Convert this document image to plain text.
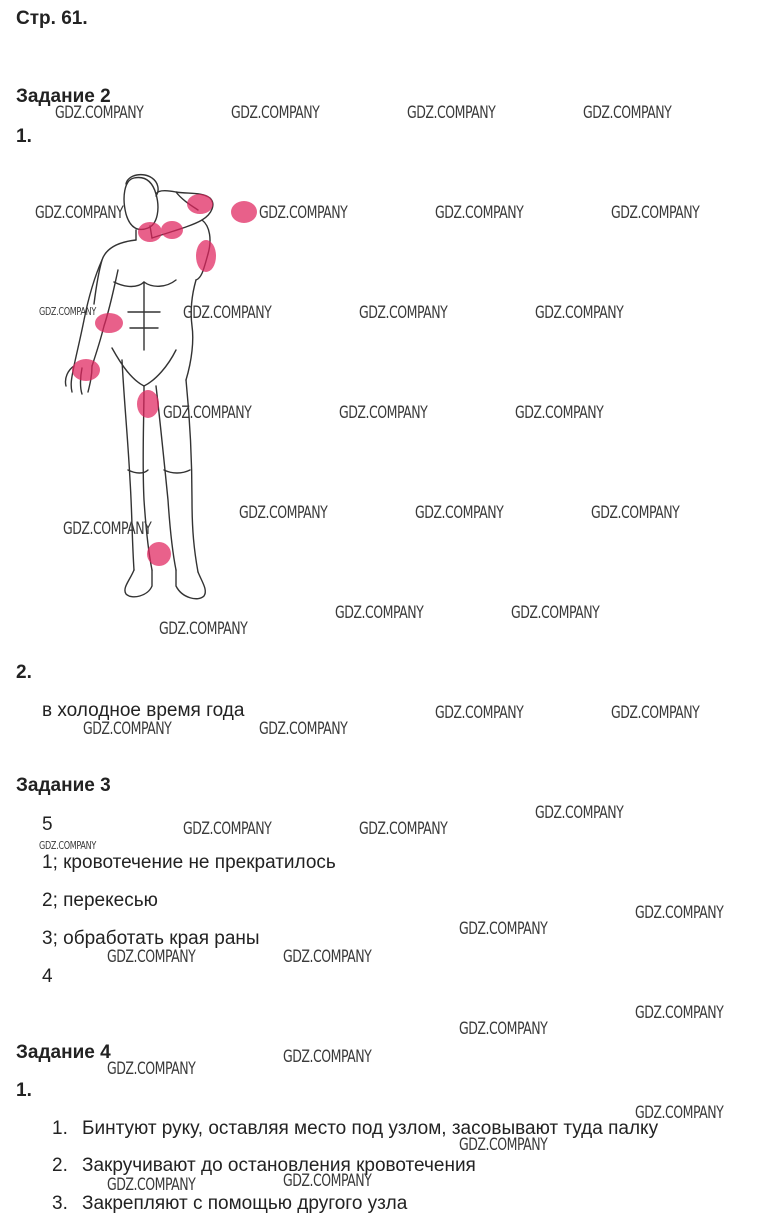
Стр. 61.
Задание 2
1.
2.
в холодное время года
Задание 3
5
1; кровотечение не прекратилось
2; перекесью
3; обработать края раны
4
Задание 4
1.
1. Бинтуют руку, оставляя место под узлом, засовывают туда палку
2. Закручивают до остановления кровотечения
3. Закрепляют с помощью другого узла
GDZ.COMPANY	GDZ.COMPANY	GDZ.COMPANY	GDZ.COMPANY
GDZ.COMPANY	GDZ.COMPANY	GDZ.COMPANY	GDZ.COMPANY
GDZ.COMPANY	GDZ.COMPANY	GDZ.COMPANY	GDZ.COMPANY
GDZ.COMPANY	GDZ.COMPANY	GDZ.COMPANY
GDZ.COMPANY	GDZ.COMPANY	GDZ.COMPANY
GDZ.COMPANY
GDZ.COMPANY	GDZ.COMPANY
GDZ.COMPANY
GDZ.COMPANY	GDZ.COMPANY
GDZ.COMPANY	GDZ.COMPANY
GDZ.COMPANY
GDZ.COMPANY	GDZ.COMPANY
GDZ.COMPANY
GDZ.COMPANY
GDZ.COMPANY
GDZ.COMPANY	GDZ.COMPANY
GDZ.COMPANY
GDZ.COMPANY
GDZ.COMPANY
GDZ.COMPANY
GDZ.COMPANY
GDZ.COMPANY
GDZ.COMPANY
GDZ.COMPANY
